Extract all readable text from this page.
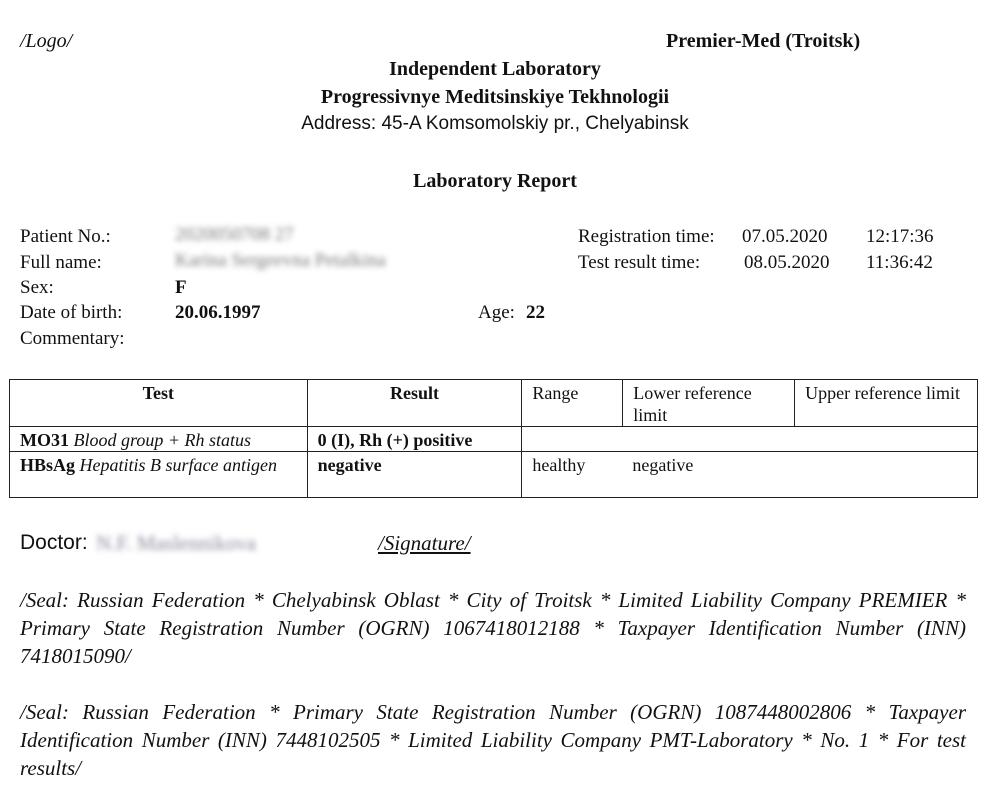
/Logo/	Premier-Med (Troitsk)
Independent Laboratory
Progressivnye Meditsinskiye Tekhnologii
Address: 45-A Komsomolskiy pr., Chelyabinsk
Laboratory Report
Patient No.:	2020050708 27
Full name:	Karina Sergeevna Petalkina
Sex:	F
Date of birth:	20.06.1997	Age: 22
Commentary:
Registration time: 07.05.2020 12:17:36
Test result time: 08.05.2020 11:36:42
Test	Result	Range	Lower reference limit	Upper reference limit
MO31 Blood group + Rh status	0 (I), Rh (+) positive			
HBsAg Hepatitis B surface antigen	negative	healthy negative		
Doctor: N.F. Maslennikova	/Signature/
/Seal: Russian Federation * Chelyabinsk Oblast * City of Troitsk * Limited Liability Company PREMIER * Primary State Registration Number (OGRN) 1067418012188 * Taxpayer Identification Number (INN) 7418015090/
/Seal: Russian Federation * Primary State Registration Number (OGRN) 1087448002806 * Taxpayer Identification Number (INN) 7448102505 * Limited Liability Company PMT-Laboratory * No. 1 * For test results/
